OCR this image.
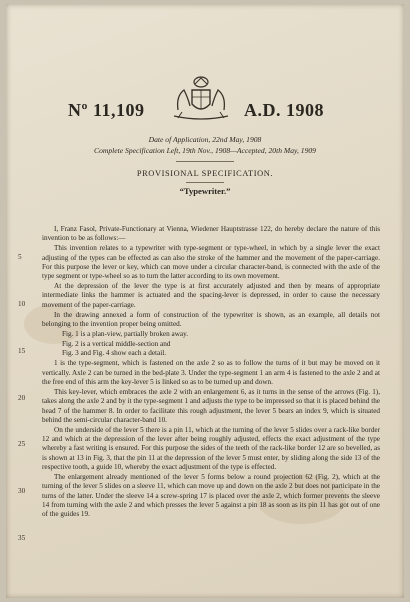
Nº 11,109	A.D. 1908
Date of Application, 22nd May, 1908
Complete Specification Left, 19th Nov., 1908—Accepted, 20th May, 1909
PROVISIONAL SPECIFICATION.
“Typewriter.”
5
10
15
20
25
30
35

I, Franz Fasol, Private-Functionary at Vienna, Wiedener Hauptstrasse 122, do hereby declare the nature of this invention to be as follows:—

This invention relates to a typewriter with type-segment or type-wheel, in which by a single lever the exact adjusting of the types can be effected as can also the stroke of the hammer and the movement of the paper-carriage. For this purpose the lever or key, which can move under a circular character-band, is connected with the axle of the type segment or type-wheel so as to turn the latter according to its own movement.

At the depression of the lever the type is at first accurately adjusted and then by means of appropriate intermediate links the hammer is actuated and the spacing-lever is depressed, in order to cause the necessary movement of the paper-carriage.

In the drawing annexed a form of construction of the typewriter is shown, as an example, all details not belonging to the invention proper being omitted.

Fig. 1 is a plan-view, partially broken away.

Fig. 2 is a vertical middle-section and

Fig. 3 and Fig. 4 show each a detail.

1 is the type-segment, which is fastened on the axle 2 so as to follow the turns of it but may be moved on it vertically. Axle 2 can be turned in the bed-plate 3. Under the type-segment 1 an arm 4 is fastened to the axle 2 and at the free end of this arm the key-lever 5 is linked so as to be turned up and down.

This key-lever, which embraces the axle 2 with an enlargement 6, as it turns in the sense of the arrows (Fig. 1), takes along the axle 2 and by it the type-segment 1 and adjusts the type to be impressed so that it is placed behind the head 7 of the hammer 8. In order to facilitate this rough adjustment, the lever 5 bears an index 9, which is situated behind the semi-circular character-band 10.

On the underside of the lever 5 there is a pin 11, which at the turning of the lever 5 slides over a rack-like border 12 and which at the depression of the lever after being roughly adjusted, effects the exact adjustment of the type whereby a fast writing is ensured. For this purpose the sides of the teeth of the rack-like border 12 are so bevelled, as is shown at 13 in Fig. 3, that the pin 11 at the depression of the lever 5 must enter, by sliding along the side 13 of the respective tooth, a guide 10, whereby the exact adjustment of the type is effected.

The enlargement already mentioned of the lever 5 forms below a round projection 62 (Fig. 2), which at the turning of the lever 5 slides on a sleeve 11, which can move up and down on the axle 2 but does not participate in the turns of the latter. Under the sleeve 14 a screw-spring 17 is placed over the axle 2, which former prevents the sleeve 14 from turning with the axle 2 and which presses the lever 5 against a pin 18 as soon as its pin 11 has got out of one of the guides 19.
